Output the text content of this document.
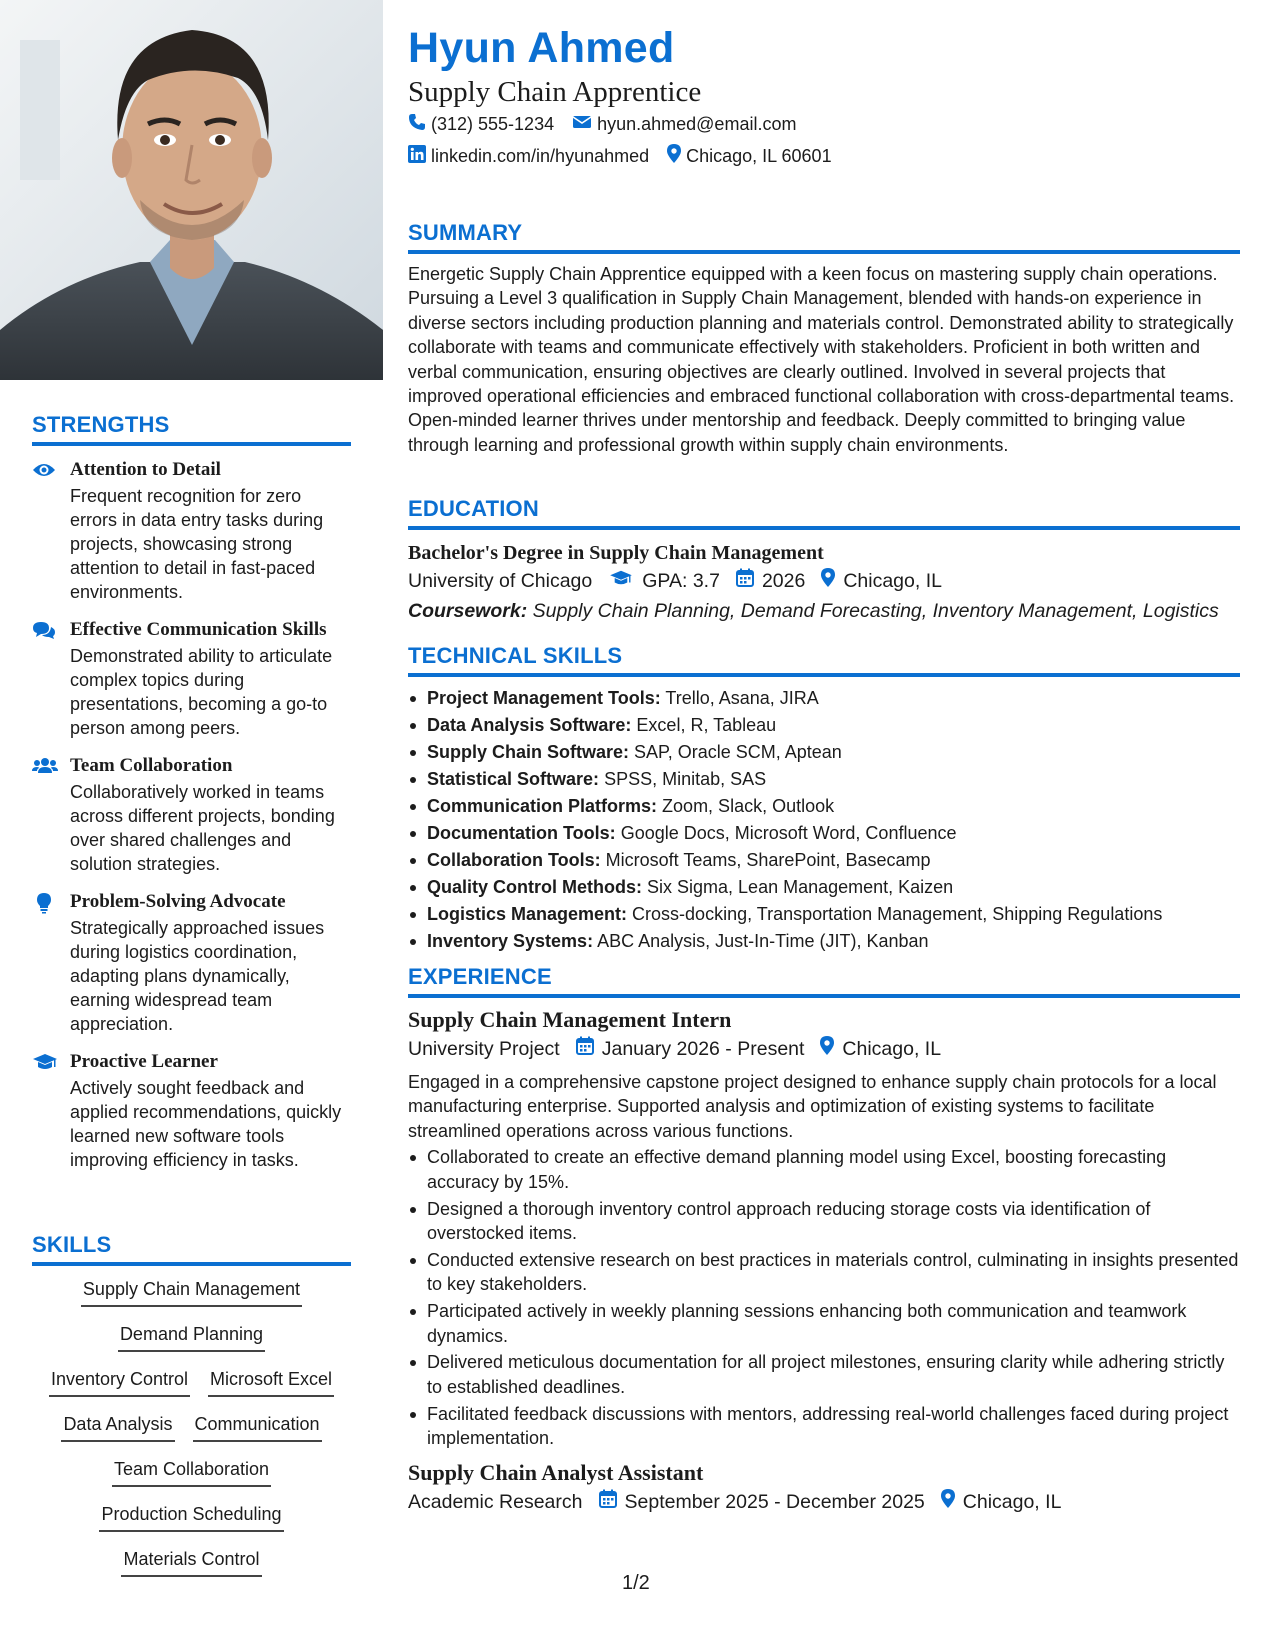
STRENGTHS
Attention to Detail
Frequent recognition for zero errors in data entry tasks during projects, showcasing strong attention to detail in fast-paced environments.
Effective Communication Skills
Demonstrated ability to articulate complex topics during presentations, becoming a go-to person among peers.
Team Collaboration
Collaboratively worked in teams across different projects, bonding over shared challenges and solution strategies.
Problem-Solving Advocate
Strategically approached issues during logistics coordination, adapting plans dynamically, earning widespread team appreciation.
Proactive Learner
Actively sought feedback and applied recommendations, quickly learned new software tools improving efficiency in tasks.
SKILLS
Supply Chain Management
Demand Planning
Inventory Control Microsoft Excel
Data Analysis Communication
Team Collaboration
Production Scheduling
Materials Control
Hyun Ahmed
Supply Chain Apprentice
(312) 555-1234 hyun.ahmed@email.com
linkedin.com/in/hyunahmed Chicago, IL 60601
SUMMARY
Energetic Supply Chain Apprentice equipped with a keen focus on mastering supply chain operations. Pursuing a Level 3 qualification in Supply Chain Management, blended with hands-on experience in diverse sectors including production planning and materials control. Demonstrated ability to strategically collaborate with teams and communicate effectively with stakeholders. Proficient in both written and verbal communication, ensuring objectives are clearly outlined. Involved in several projects that improved operational efficiencies and embraced functional collaboration with cross-departmental teams. Open-minded learner thrives under mentorship and feedback. Deeply committed to bringing value through learning and professional growth within supply chain environments.
EDUCATION
Bachelor's Degree in Supply Chain Management
University of Chicago	GPA: 3.7 2026 Chicago, IL
Coursework: Supply Chain Planning, Demand Forecasting, Inventory Management, Logistics
TECHNICAL SKILLS
Project Management Tools: Trello, Asana, JIRA
Data Analysis Software: Excel, R, Tableau
Supply Chain Software: SAP, Oracle SCM, Aptean
Statistical Software: SPSS, Minitab, SAS
Communication Platforms: Zoom, Slack, Outlook
Documentation Tools: Google Docs, Microsoft Word, Confluence
Collaboration Tools: Microsoft Teams, SharePoint, Basecamp
Quality Control Methods: Six Sigma, Lean Management, Kaizen
Logistics Management: Cross-docking, Transportation Management, Shipping Regulations
Inventory Systems: ABC Analysis, Just-In-Time (JIT), Kanban
EXPERIENCE
Supply Chain Management Intern
University Project January 2026 - Present Chicago, IL
Engaged in a comprehensive capstone project designed to enhance supply chain protocols for a local manufacturing enterprise. Supported analysis and optimization of existing systems to facilitate streamlined operations across various functions.
Collaborated to create an effective demand planning model using Excel, boosting forecasting accuracy by 15%.
Designed a thorough inventory control approach reducing storage costs via identification of overstocked items.
Conducted extensive research on best practices in materials control, culminating in insights presented to key stakeholders.
Participated actively in weekly planning sessions enhancing both communication and teamwork dynamics.
Delivered meticulous documentation for all project milestones, ensuring clarity while adhering strictly to established deadlines.
Facilitated feedback discussions with mentors, addressing real-world challenges faced during project implementation.
Supply Chain Analyst Assistant
Academic Research September 2025 - December 2025 Chicago, IL
1/2
